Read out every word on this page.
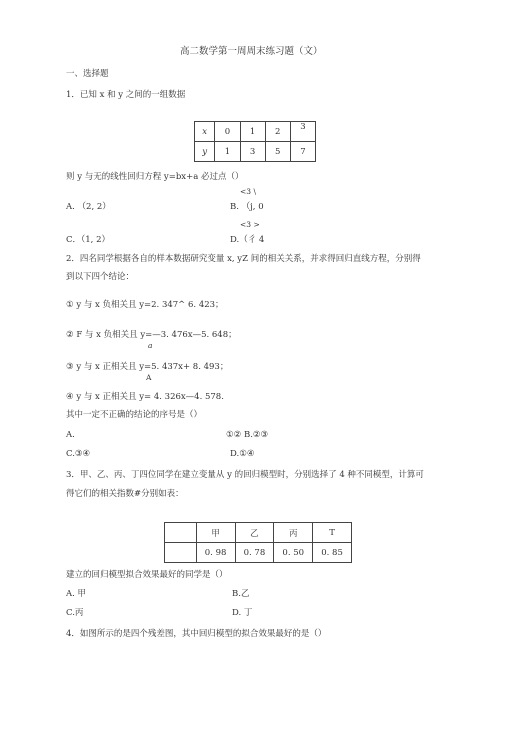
高二数学第一周周末练习题（文）
一、选择题
1．已知 x 和 y 之间的一组数据
x	0	1	2	3
y	1	3	5	7
则 y 与无的线性回归方程 y=bx+a 必过点（）
<3 \
A. （2, 2）	B. （j, 0
<3 >
C．（1, 2）	D.（彳 4
2．四名同学根据各自的样本数据研究变量 x, yZ 间的相关关系，并求得回归直线方程，分别得
到以下四个结论：
① y 与 x 负相关且 y=2. 347^ 6. 423；
② F 与 x 负相关且 y=—3. 476x—5. 648；
a
③ y 与 x 正相关且 y=5. 437x+ 8. 493；
A
④ y 与 x 正相关且 y= 4. 326x—4. 578.
其中一定不正确的结论的序号是（）
A.	①② B.②③
C.③④	D.①④
3．甲、乙、丙、丁四位同学在建立变量从 y 的回归模型时，分别选择了 4 种不同模型，计算可
得它们的相关指数#分别如表：
	甲	乙	丙	T
	0. 98	0. 78	0. 50	0. 85
建立的回归模型拟合效果最好的同学是（）
A. 甲	B.乙
C.丙	D. 丁
4．如图所示的是四个残差图，其中回归模型的拟合效果最好的是（）
